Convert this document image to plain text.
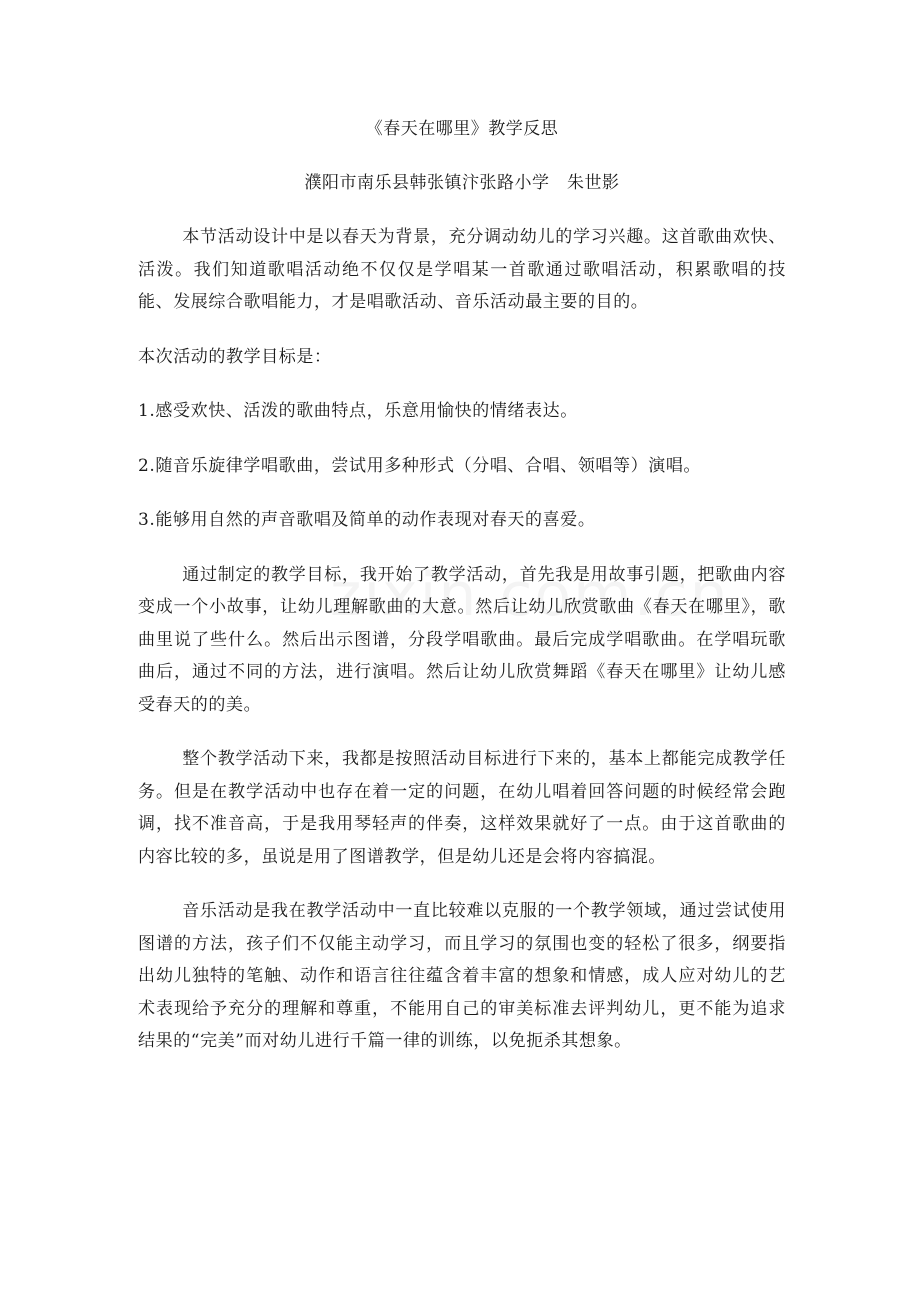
《春天在哪里》教学反思

濮阳市南乐县韩张镇汴张路小学　朱世影

本节活动设计中是以春天为背景，充分调动幼儿的学习兴趣。这首歌曲欢快、活泼。我们知道歌唱活动绝不仅仅是学唱某一首歌通过歌唱活动，积累歌唱的技能、发展综合歌唱能力，才是唱歌活动、音乐活动最主要的目的。

本次活动的教学目标是：

1.感受欢快、活泼的歌曲特点，乐意用愉快的情绪表达。

2.随音乐旋律学唱歌曲，尝试用多种形式（分唱、合唱、领唱等）演唱。

3.能够用自然的声音歌唱及简单的动作表现对春天的喜爱。

通过制定的教学目标，我开始了教学活动，首先我是用故事引题，把歌曲内容变成一个小故事，让幼儿理解歌曲的大意。然后让幼儿欣赏歌曲《春天在哪里》，歌曲里说了些什么。然后出示图谱，分段学唱歌曲。最后完成学唱歌曲。在学唱玩歌曲后，通过不同的方法，进行演唱。然后让幼儿欣赏舞蹈《春天在哪里》让幼儿感受春天的的美。

整个教学活动下来，我都是按照活动目标进行下来的，基本上都能完成教学任务。但是在教学活动中也存在着一定的问题，在幼儿唱着回答问题的时候经常会跑调，找不准音高，于是我用琴轻声的伴奏，这样效果就好了一点。由于这首歌曲的内容比较的多，虽说是用了图谱教学，但是幼儿还是会将内容搞混。

音乐活动是我在教学活动中一直比较难以克服的一个教学领域，通过尝试使用图谱的方法，孩子们不仅能主动学习，而且学习的氛围也变的轻松了很多，纲要指出幼儿独特的笔触、动作和语言往往蕴含着丰富的想象和情感，成人应对幼儿的艺术表现给予充分的理解和尊重，不能用自己的审美标准去评判幼儿，更不能为追求结果的“完美”而对幼儿进行千篇一律的训练，以免扼杀其想象。
